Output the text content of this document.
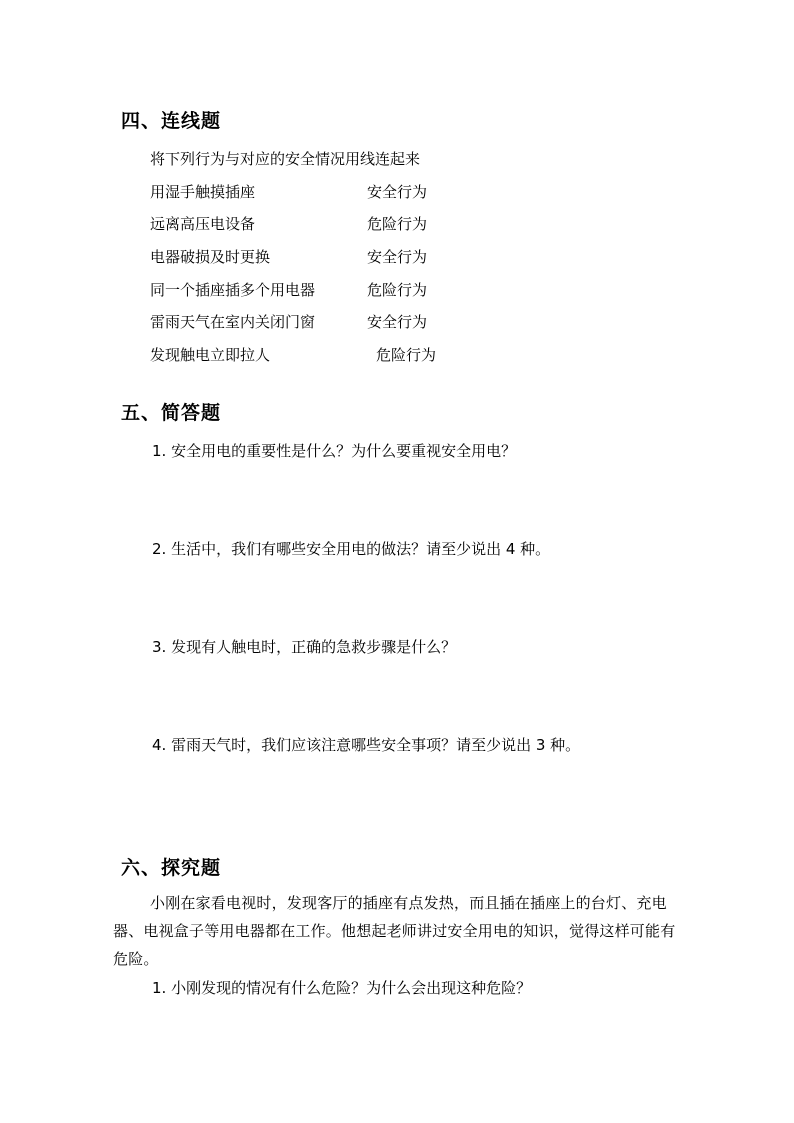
四、连线题
将下列行为与对应的安全情况用线连起来
用湿手触摸插座	安全行为
远离高压电设备	危险行为
电器破损及时更换	安全行为
同一个插座插多个用电器	危险行为
雷雨天气在室内关闭门窗	安全行为
发现触电立即拉人	危险行为
五、简答题
1. 安全用电的重要性是什么？为什么要重视安全用电？
2. 生活中，我们有哪些安全用电的做法？请至少说出 4 种。
3. 发现有人触电时，正确的急救步骤是什么？
4. 雷雨天气时，我们应该注意哪些安全事项？请至少说出 3 种。
六、探究题
小刚在家看电视时，发现客厅的插座有点发热，而且插在插座上的台灯、充电器、电视盒子等用电器都在工作。他想起老师讲过安全用电的知识，觉得这样可能有危险。
1. 小刚发现的情况有什么危险？为什么会出现这种危险？
